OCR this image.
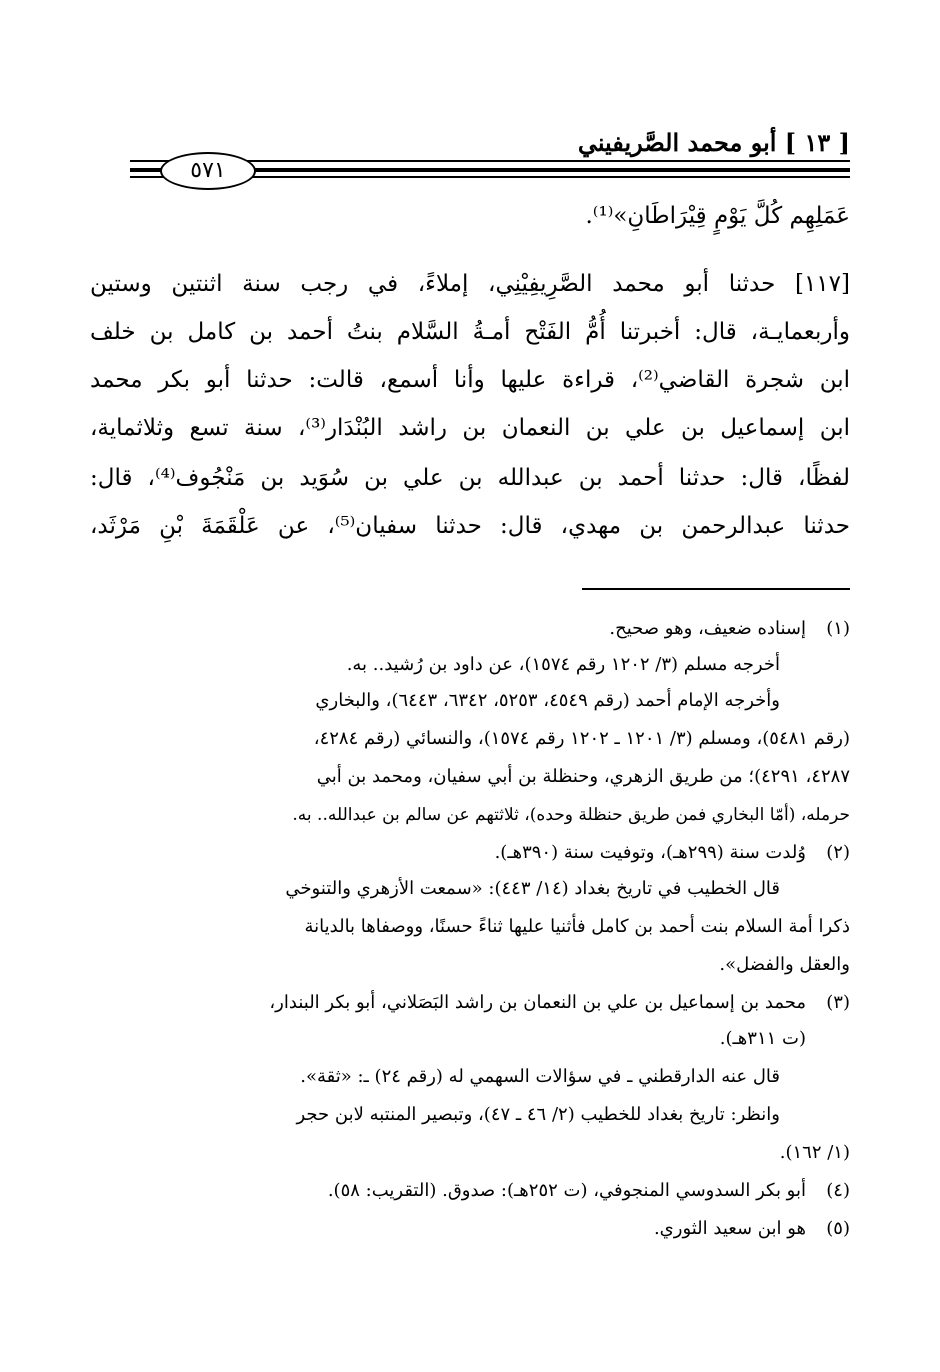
[ ١٣ ] أبو محمد الصَّريفيني
٥٧١
عَمَلِهِم كُلَّ يَوْمٍ قِيْرَاطَانِ»⁽¹⁾.
[١١٧] حدثنا أبو محمد الصَّرِيفِيْنِي، إملاءً، في رجب سنة اثنتين وستين
وأربعمايـة، قال: أخبرتنا أُمُّ الفَتْح أمـةُ السَّلام بنتُ أحمد بن كامل بن خلف
ابن شجرة القاضي⁽²⁾، قراءة عليها وأنا أسمع، قالت: حدثنا أبو بكر محمد
ابن إسماعيل بن علي بن النعمان بن راشد البُنْدَار⁽³⁾، سنة تسع وثلاثماية،
لفظًا، قال: حدثنا أحمد بن عبدالله بن علي بن سُوَيد بن مَنْجُوف⁽⁴⁾، قال:
حدثنا عبدالرحمن بن مهدي، قال: حدثنا سفيان⁽⁵⁾، عن عَلْقَمَةَ بْنِ مَرْثَد،
(١)
إسناده ضعيف، وهو صحيح.
أخرجه مسلم (٣/ ١٢٠٢ رقم ١٥٧٤)، عن داود بن رُشيد.. به.
وأخرجه الإمام أحمد (رقم ٤٥٤٩، ٥٢٥٣، ٦٣٤٢، ٦٤٤٣)، والبخاري
(رقم ٥٤٨١)، ومسلم (٣/ ١٢٠١ ـ ١٢٠٢ رقم ١٥٧٤)، والنسائي (رقم ٤٢٨٤،
٤٢٨٧، ٤٢٩١)؛ من طريق الزهري، وحنظلة بن أبي سفيان، ومحمد بن أبي
حرمله، (أمّا البخاري فمن طريق حنظلة وحده)، ثلاثتهم عن سالم بن عبدالله.. به.
(٢)
وُلدت سنة (٢٩٩هـ)، وتوفيت سنة (٣٩٠هـ).
قال الخطيب في تاريخ بغداد (١٤/ ٤٤٣): «سمعت الأزهري والتنوخي
ذكرا أمة السلام بنت أحمد بن كامل فأثنيا عليها ثناءً حسنًا، ووصفاها بالديانة
والعقل والفضل».
(٣)
محمد بن إسماعيل بن علي بن النعمان بن راشد البَصَلاني، أبو بكر البندار،
(ت ٣١١هـ).
قال عنه الدارقطني ـ في سؤالات السهمي له (رقم ٢٤) ـ: «ثقة».
وانظر: تاريخ بغداد للخطيب (٢/ ٤٦ ـ ٤٧)، وتبصير المنتبه لابن حجر
(١/ ١٦٢).
(٤)
أبو بكر السدوسي المنجوفي، (ت ٢٥٢هـ): صدوق. (التقريب: ٥٨).
(٥)
هو ابن سعيد الثوري.
